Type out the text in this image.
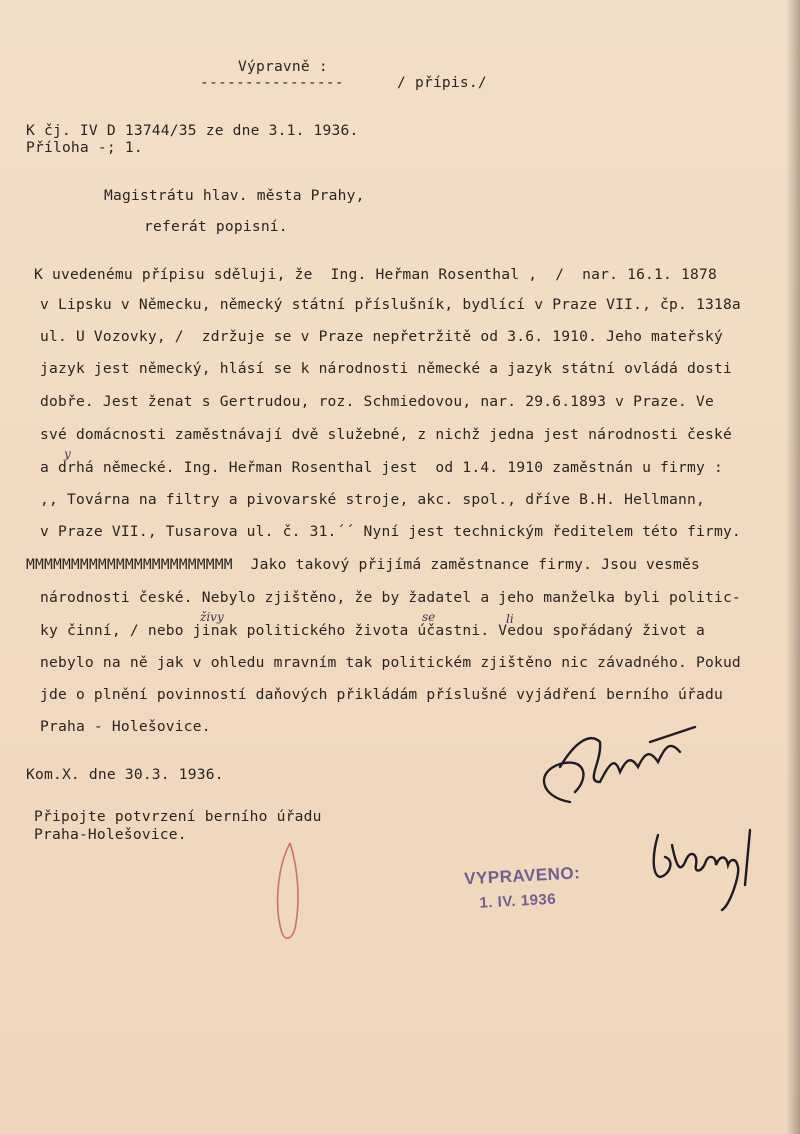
Výpravně :
----------------	/ přípis./
K čj. IV D 13744/35 ze dne 3.1. 1936.
Příloha -; 1.
Magistrátu hlav. města Prahy,
referát popisní.
K uvedenému přípisu sděluji, že  Ing. Heřman Rosenthal ,  /  nar. 16.1. 1878
v Lipsku v Německu, německý státní příslušník, bydlící v Praze VII., čp. 1318a
ul. U Vozovky, /  zdržuje se v Praze nepřetržitě od 3.6. 1910. Jeho mateřský
jazyk jest německý, hlásí se k národnosti německé a jazyk státní ovládá dosti
dobře. Jest ženat s Gertrudou, roz. Schmiedovou, nar. 29.6.1893 v Praze. Ve
své domácnosti zaměstnávají dvě služebné, z nichž jedna jest národnosti české
a drhá německé. Ing. Heřman Rosenthal jest  od 1.4. 1910 zaměstnán u firmy :
,, Továrna na filtry a pivovarské stroje, akc. spol., dříve B.H. Hellmann,
v Praze VII., Tusarova ul. č. 31.´´ Nyní jest technickým ředitelem této firmy.
MMMMMMMMMMMMMMMMMMMMMMM  Jako takový přijímá zaměstnance firmy. Jsou vesměs
národnosti české. Nebylo zjištěno, že by žadatel a jeho manželka byli politic-
ky činní, / nebo jinak politického života účastni. Vedou spořádaný život a
nebylo na ně jak v ohledu mravním tak politickém zjištěno nic závadného. Pokud
jde o plnění povinností daňových přikládám příslušné vyjádření berního úřadu
Praha - Holešovice.
y
živy	se	li
Kom.X. dne 30.3. 1936.
Připojte potvrzení berního úřadu
Praha-Holešovice.
VYPRAVENO:
1. IV. 1936
